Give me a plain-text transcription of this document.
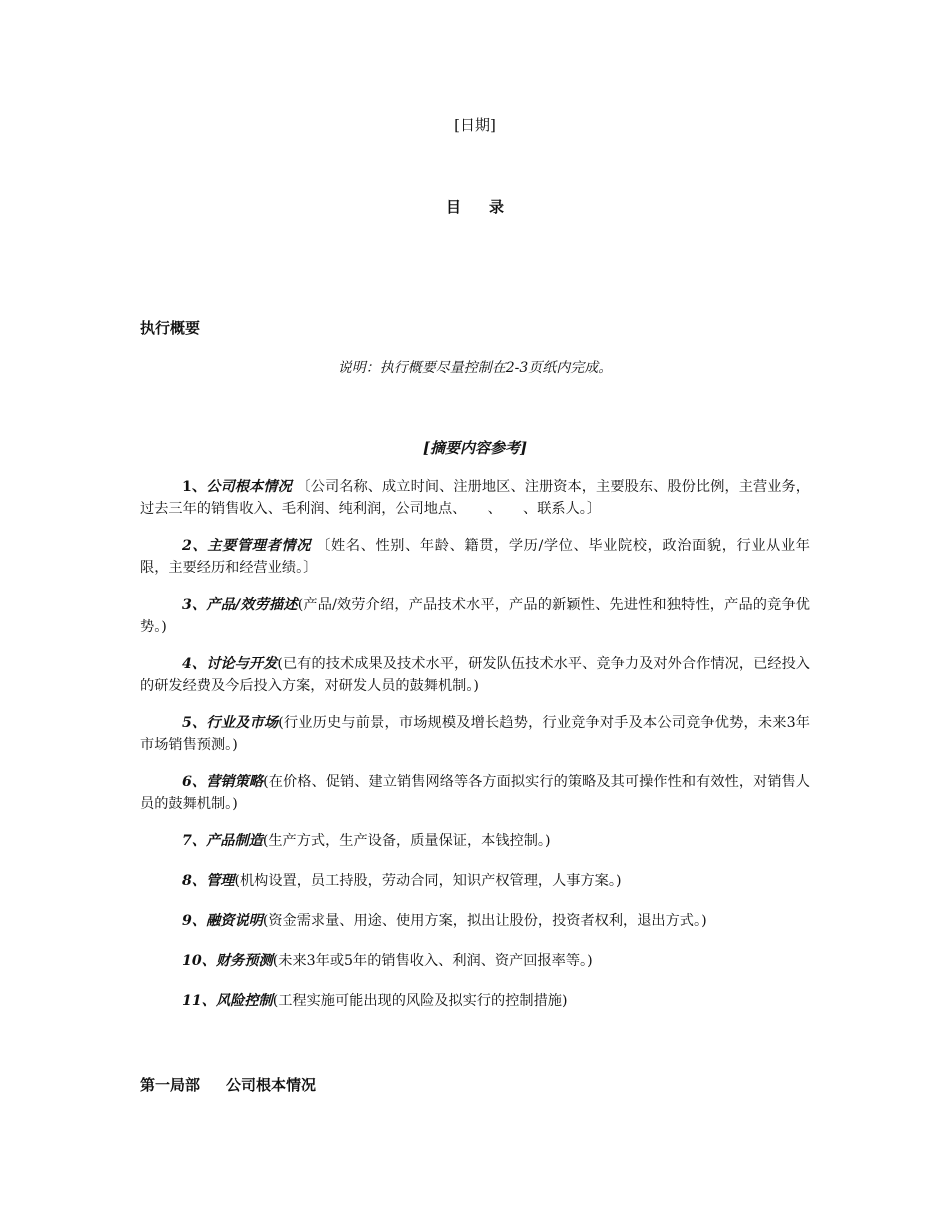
[日期]
目 录
执行概要
说明：执行概要尽量控制在2-3页纸内完成。
[摘要内容参考]

1、公司根本情况 〔公司名称、成立时间、注册地区、注册资本，主要股东、股份比例，主营业务，过去三年的销售收入、毛利润、纯利润，公司地点、　　、　　、联系人。〕

2、主要管理者情况 〔姓名、性别、年龄、籍贯，学历/学位、毕业院校，政治面貌，行业从业年限，主要经历和经营业绩。〕

3、产品/效劳描述(产品/效劳介绍，产品技术水平，产品的新颖性、先进性和独特性，产品的竞争优势。)

4、讨论与开发(已有的技术成果及技术水平，研发队伍技术水平、竞争力及对外合作情况，已经投入的研发经费及今后投入方案，对研发人员的鼓舞机制。)

5、行业及市场(行业历史与前景，市场规模及增长趋势，行业竞争对手及本公司竞争优势，未来3年市场销售预测。)

6、营销策略(在价格、促销、建立销售网络等各方面拟实行的策略及其可操作性和有效性，对销售人员的鼓舞机制。)

7、产品制造(生产方式，生产设备，质量保证，本钱控制。)

8、管理(机构设置，员工持股，劳动合同，知识产权管理，人事方案。)

9、融资说明(资金需求量、用途、使用方案，拟出让股份，投资者权利，退出方式。)

10、财务预测(未来3年或5年的销售收入、利润、资产回报率等。)

11、风险控制(工程实施可能出现的风险及拟实行的控制措施)

第一局部 公司根本情况
